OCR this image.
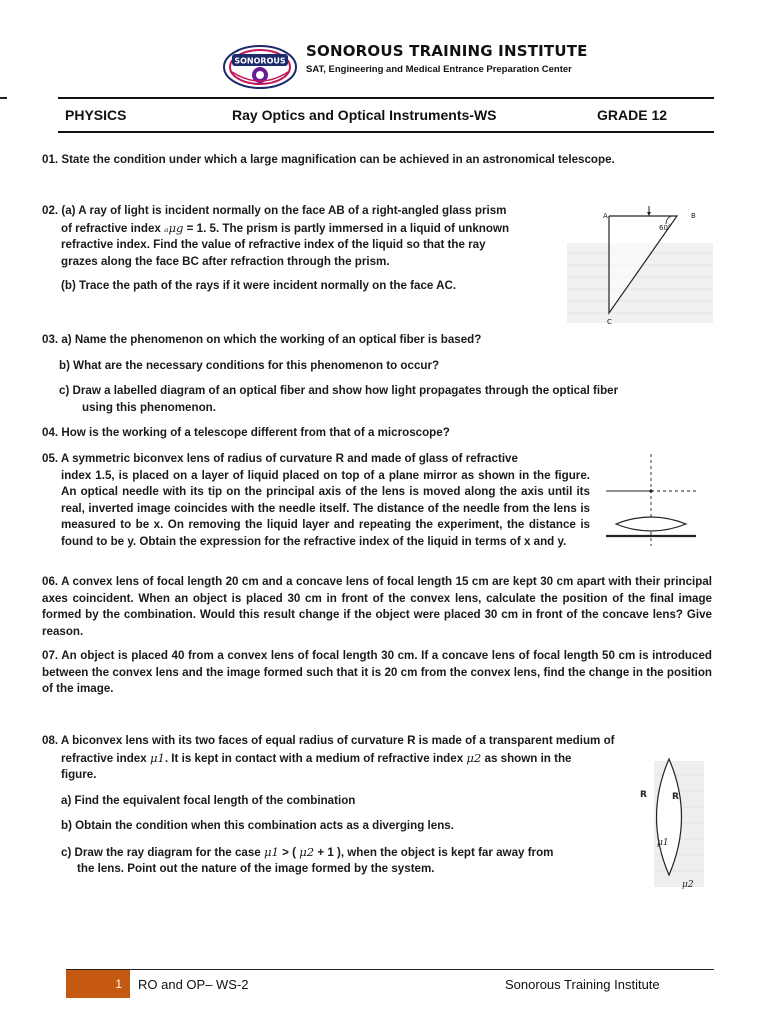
SONOROUS
SONOROUS TRAINING INSTITUTE
SAT, Engineering and Medical Entrance Preparation Center
PHYSICS	Ray Optics and Optical Instruments-WS	GRADE 12

01. State the condition under which a large magnification can be achieved in an astronomical telescope.

02. (a) A ray of light is incident normally on the face AB of a right-angled glass prism

of refractive index ₐμg = 1. 5. The prism is partly immersed in a liquid of unknown

refractive index. Find the value of refractive index of the liquid so that the ray

grazes along the face BC after refraction through the prism.

(b) Trace the path of the rays if it were incident normally on the face AC.

A	B
C
60°

03. a) Name the phenomenon on which the working of an optical fiber is based?

b) What are the necessary conditions for this phenomenon to occur?

c) Draw a labelled diagram of an optical fiber and show how light propagates through the optical fiber

using this phenomenon.

04. How is the working of a telescope different from that of a microscope?

05. A symmetric biconvex lens of radius of curvature R and made of glass of refractive

index 1.5, is placed on a layer of liquid placed on top of a plane mirror as shown in the figure. An optical needle with its tip on the principal axis of the lens is moved along the axis until its real, inverted image coincides with the needle itself. The distance of the needle from the lens is measured to be x. On removing the liquid layer and repeating the experiment, the distance is found to be y. Obtain the expression for the refractive index of the liquid in terms of x and y.

06. A convex lens of focal length 20 cm and a concave lens of focal length 15 cm are kept 30 cm apart with their principal axes coincident. When an object is placed 30 cm in front of the convex lens, calculate the position of the final image formed by the combination. Would this result change if the object were placed 30 cm in front of the concave lens? Give reason.

07. An object is placed 40 from a convex lens of focal length 30 cm. If a concave lens of focal length 50 cm is introduced between the convex lens and the image formed such that it is 20 cm from the convex lens, find the change in the position of the image.

08. A biconvex lens with its two faces of equal radius of curvature R is made of a transparent medium of

refractive index μ1. It is kept in contact with a medium of refractive index μ2 as shown in the

figure.

a) Find the equivalent focal length of the combination

b) Obtain the condition when this combination acts as a diverging lens.

c) Draw the ray diagram for the case μ1 > ( μ2 + 1 ), when the object is kept far away from

the lens. Point out the nature of the image formed by the system.

R	R
μ1
μ2
1 RO and OP– WS-2	Sonorous Training Institute
